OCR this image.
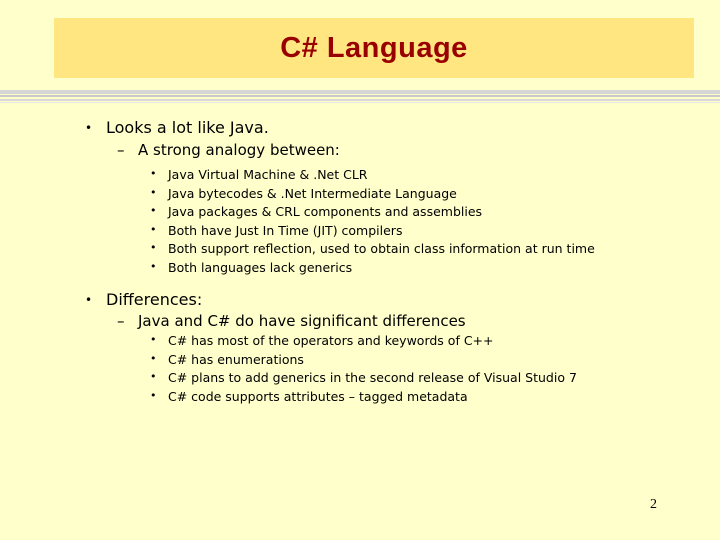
C# Language
• Looks a lot like Java.
– A strong analogy between:
• Java Virtual Machine & .Net CLR
• Java bytecodes & .Net Intermediate Language
• Java packages & CRL components and assemblies
• Both have Just In Time (JIT) compilers
• Both support reflection, used to obtain class information at run time
• Both languages lack generics
• Differences:
– Java and C# do have significant differences
• C# has most of the operators and keywords of C++
• C# has enumerations
• C# plans to add generics in the second release of Visual Studio 7
• C# code supports attributes – tagged metadata
2
